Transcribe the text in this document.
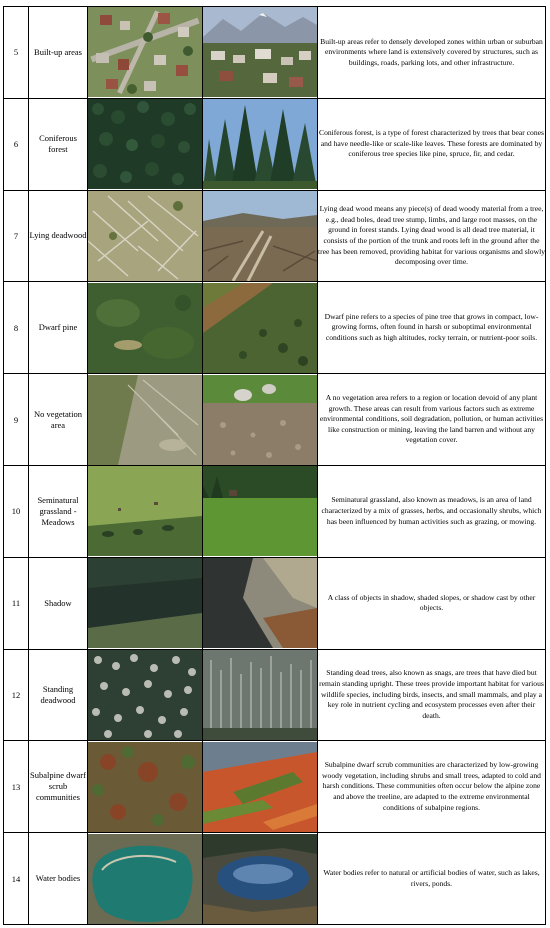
5	Built-up areas			Built-up areas refer to densely developed zones within urban or suburban environments where land is extensively covered by structures, such as buildings, roads, parking lots, and other infrastructure.
6	Coniferous forest			Coniferous forest, is a type of forest characterized by trees that bear cones and have needle-like or scale-like leaves. These forests are dominated by coniferous tree species like pine, spruce, fir, and cedar.
7	Lying deadwood			Lying dead wood means any piece(s) of dead woody material from a tree, e.g., dead boles, dead tree stump, limbs, and large root masses, on the ground in forest stands. Lying dead wood is all dead tree material, it consists of the portion of the trunk and roots left in the ground after the tree has been removed, providing habitat for various organisms and slowly decomposing over time.
8	Dwarf pine			Dwarf pine refers to a species of pine tree that grows in compact, low-growing forms, often found in harsh or suboptimal environmental conditions such as high altitudes, rocky terrain, or nutrient-poor soils.
9	No vegetation area			A no vegetation area refers to a region or location devoid of any plant growth. These areas can result from various factors such as extreme environmental conditions, soil degradation, pollution, or human activities like construction or mining, leaving the land barren and without any vegetation cover.
10	Seminatural grassland - Meadows			Seminatural grassland, also known as meadows, is an area of land characterized by a mix of grasses, herbs, and occasionally shrubs, which has been influenced by human activities such as grazing, or mowing.
11	Shadow			A class of objects in shadow, shaded slopes, or shadow cast by other objects.
12	Standing deadwood			Standing dead trees, also known as snags, are trees that have died but remain standing upright. These trees provide important habitat for various wildlife species, including birds, insects, and small mammals, and play a key role in nutrient cycling and ecosystem processes even after their death.
13	Subalpine dwarf scrub communities			Subalpine dwarf scrub communities are characterized by low-growing woody vegetation, including shrubs and small trees, adapted to cold and harsh conditions. These communities often occur below the alpine zone and above the treeline, are adapted to the extreme environmental conditions of subalpine regions.
14	Water bodies			Water bodies refer to natural or artificial bodies of water, such as lakes, rivers, ponds.
